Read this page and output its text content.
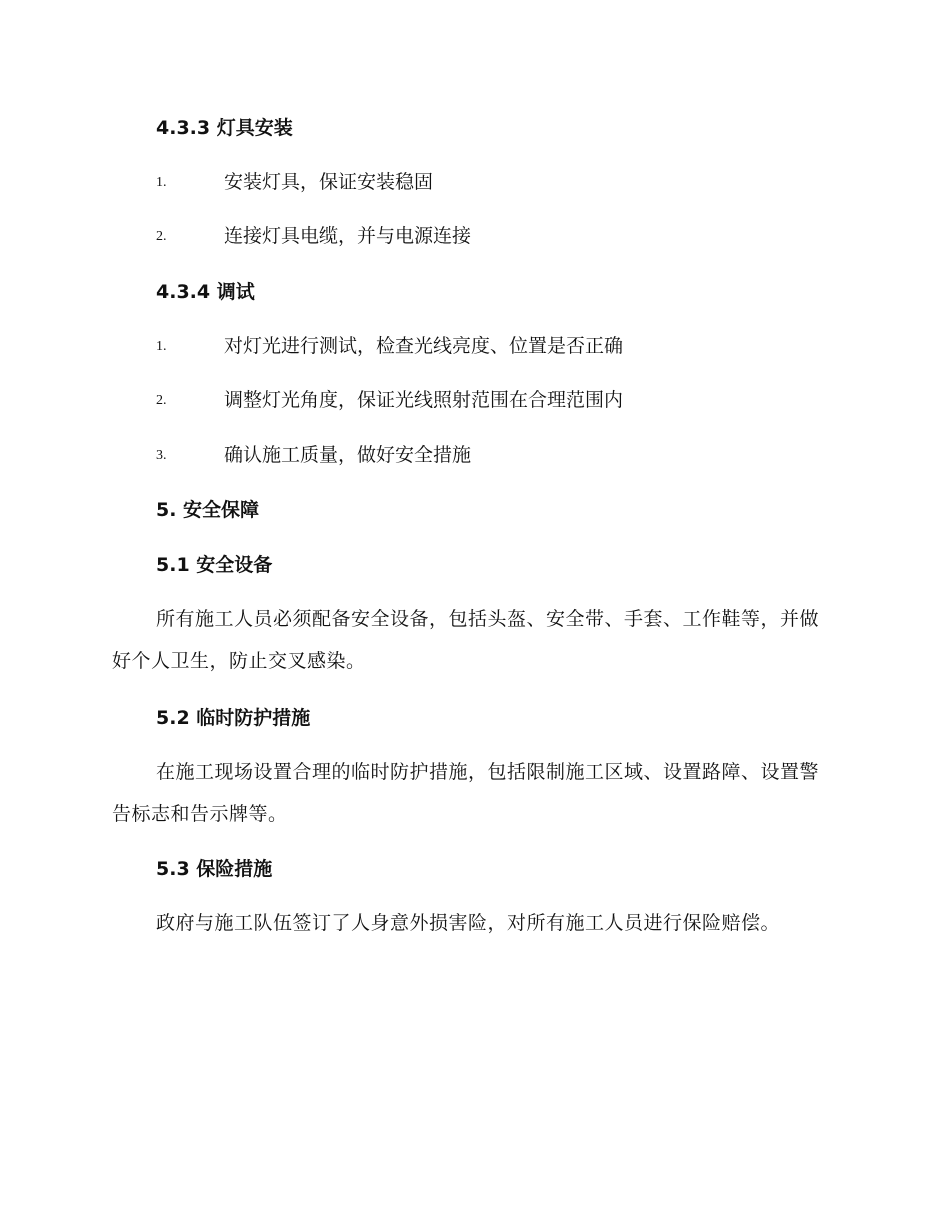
4.3.3 灯具安装
1.	安装灯具，保证安装稳固
2.	连接灯具电缆，并与电源连接
4.3.4 调试
1.	对灯光进行测试，检查光线亮度、位置是否正确
2.	调整灯光角度，保证光线照射范围在合理范围内
3.	确认施工质量，做好安全措施
5. 安全保障
5.1 安全设备

所有施工人员必须配备安全设备，包括头盔、安全带、手套、工作鞋等，并做好个人卫生，防止交叉感染。

5.2 临时防护措施

在施工现场设置合理的临时防护措施，包括限制施工区域、设置路障、设置警告标志和告示牌等。

5.3 保险措施

政府与施工队伍签订了人身意外损害险，对所有施工人员进行保险赔偿。
